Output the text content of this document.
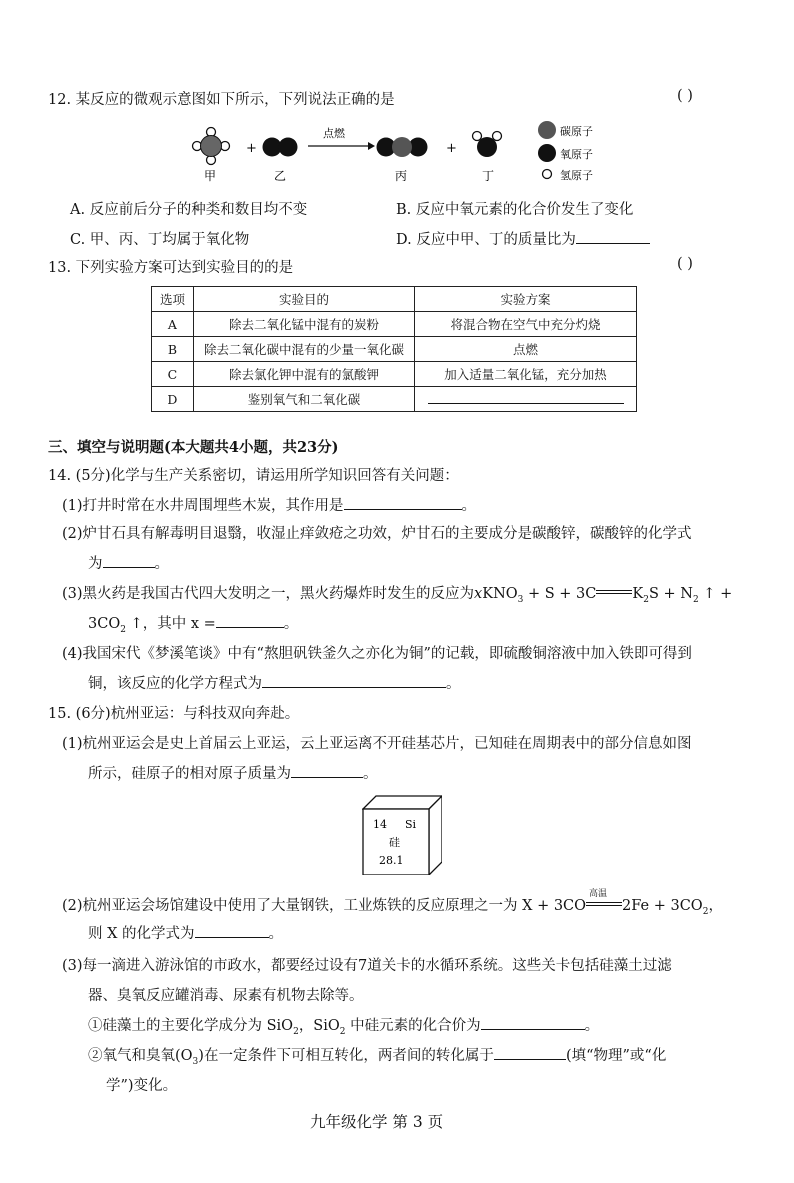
12. 某反应的微观示意图如下所示，下列说法正确的是	( )
+
点燃
+
甲	乙	丙	丁
碳原子
氧原子
氢原子
A. 反应前后分子的种类和数目均不变	B. 反应中氧元素的化合价发生了变化
C. 甲、丙、丁均属于氧化物	D. 反应中甲、丁的质量比为
13. 下列实验方案可达到实验目的的是	( )
选项	实验目的	实验方案
A	除去二氧化锰中混有的炭粉	将混合物在空气中充分灼烧
B	除去二氧化碳中混有的少量一氧化碳	点燃
C	除去氯化钾中混有的氯酸钾	加入适量二氧化锰，充分加热
D	鉴别氧气和二氧化碳	
三、填空与说明题(本大题共4小题，共23分)
14. (5分)化学与生产关系密切，请运用所学知识回答有关问题：
(1)打井时常在水井周围埋些木炭，其作用是	。
(2)炉甘石具有解毒明目退翳，收湿止痒敛疮之功效，炉甘石的主要成分是碳酸锌，碳酸锌的化学式
为	。
(3)黑火药是我国古代四大发明之一，黑火药爆炸时发生的反应为xKNO$_3$ + S + 3C $K_2S + N_2$ ↑ +
$3CO_2$ ↑，其中 x =	。
(4)我国宋代《梦溪笔谈》中有“熬胆矾铁釜久之亦化为铜”的记载，即硫酸铜溶液中加入铁即可得到
铜，该反应的化学方程式为	。
15. (6分)杭州亚运：与科技双向奔赴。
(1)杭州亚运会是史上首届云上亚运，云上亚运离不开硅基芯片，已知硅在周期表中的部分信息如图
所示，硅原子的相对原子质量为	。
14 Si
硅
28.1
(2)杭州亚运会场馆建设中使用了大量钢铁，工业炼铁的反应原理之一为 X + 3CO
高温
$2Fe + 3CO_2$，
则 X 的化学式为	。
(3)每一滴进入游泳馆的市政水，都要经过设有7道关卡的水循环系统。这些关卡包括硅藻土过滤
器、臭氧反应罐消毒、尿素有机物去除等。
①硅藻土的主要化学成分为 SiO$_2$，SiO$_2$ 中硅元素的化合价为	。
②氧气和臭氧$(O_3)$在一定条件下可相互转化，两者间的转化属于	(填“物理”或“化
学”)变化。
九年级化学 第 3 页
